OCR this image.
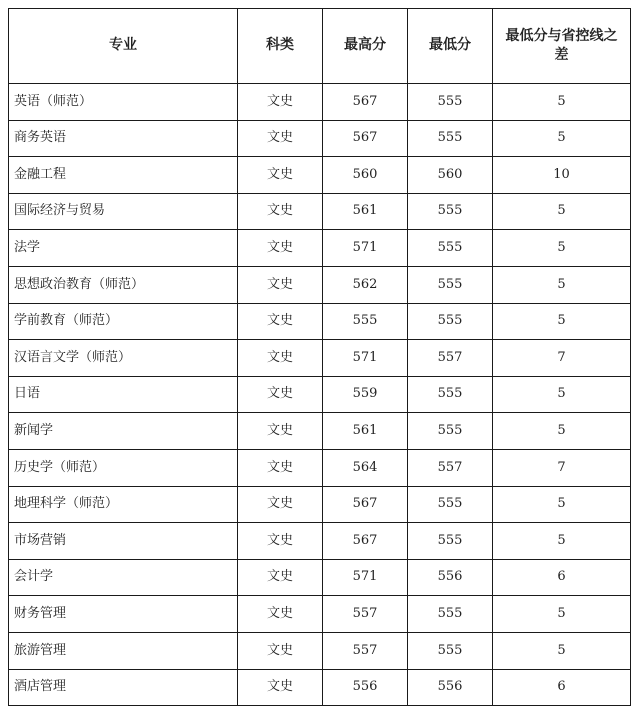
专业	科类	最高分	最低分	最低分与省控线之差
英语（师范）	文史	567	555	5
商务英语	文史	567	555	5
金融工程	文史	560	560	10
国际经济与贸易	文史	561	555	5
法学	文史	571	555	5
思想政治教育（师范）	文史	562	555	5
学前教育（师范）	文史	555	555	5
汉语言文学（师范）	文史	571	557	7
日语	文史	559	555	5
新闻学	文史	561	555	5
历史学（师范）	文史	564	557	7
地理科学（师范）	文史	567	555	5
市场营销	文史	567	555	5
会计学	文史	571	556	6
财务管理	文史	557	555	5
旅游管理	文史	557	555	5
酒店管理	文史	556	556	6
